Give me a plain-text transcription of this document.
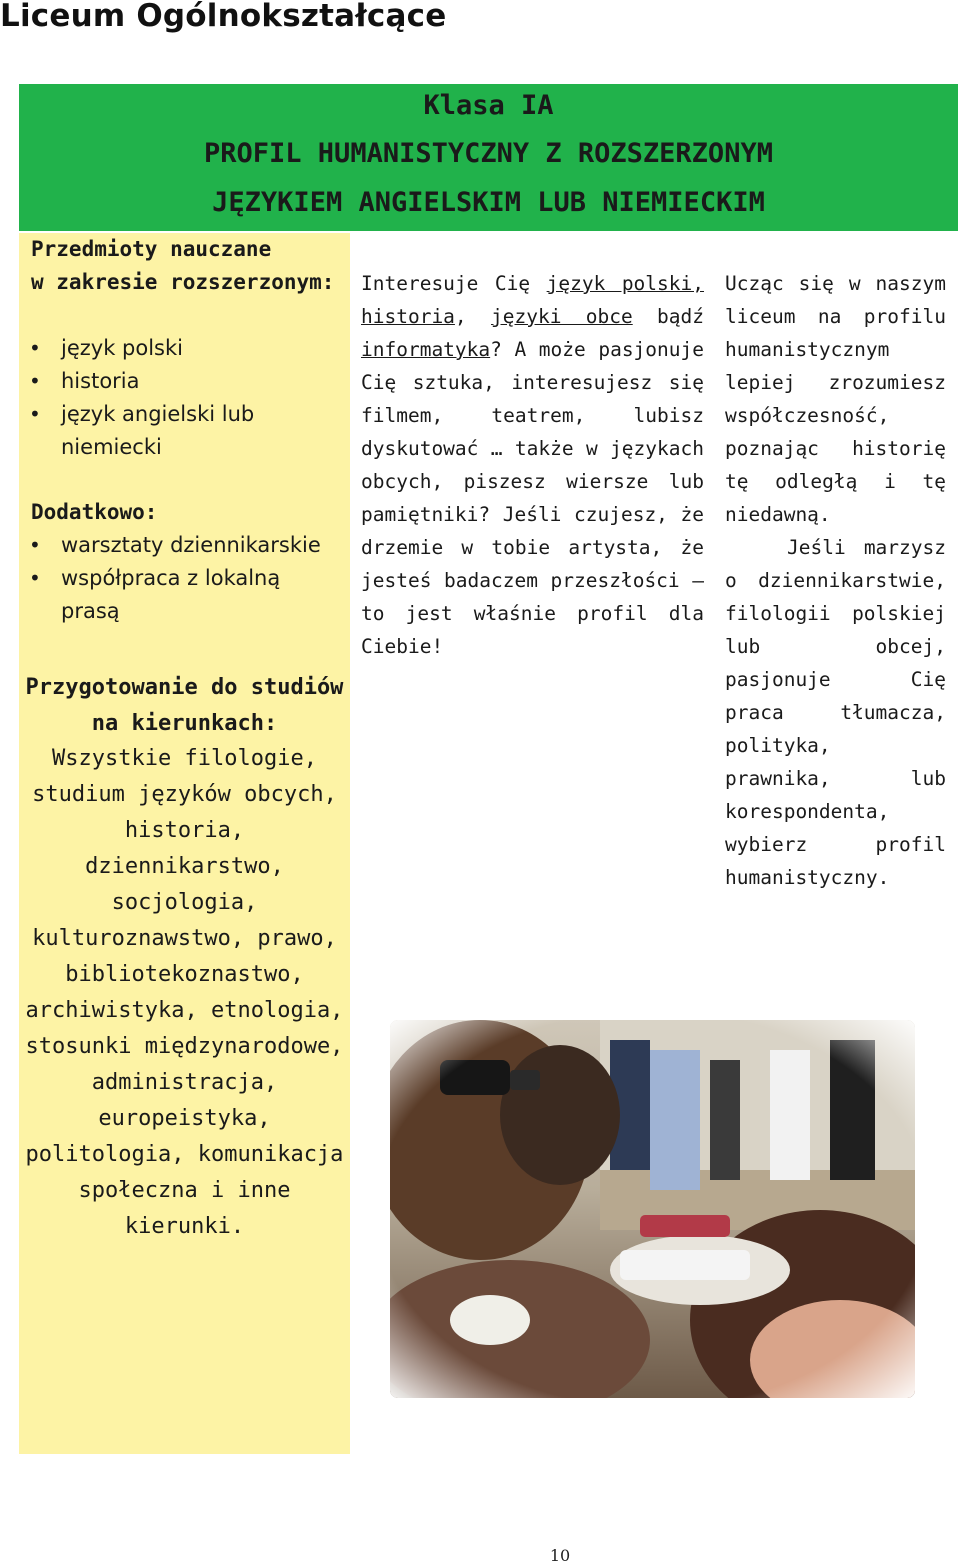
Liceum Ogólnokształcące
Klasa IA
PROFIL HUMANISTYCZNY Z ROZSZERZONYM
JĘZYKIEM ANGIELSKIM LUB NIEMIECKIM
Przedmioty nauczane
w zakresie rozszerzonym:
• język polski
• historia
• język angielski lub niemiecki
Dodatkowo:
• warsztaty dziennikarskie
• współpraca z lokalną prasą
Przygotowanie do studiów na kierunkach:
Wszystkie filologie, studium języków obcych, historia, dziennikarstwo, socjologia, kulturoznawstwo, prawo, bibliotekoznastwo, archiwistyka, etnologia, stosunki międzynarodowe, administracja, europeistyka, politologia, komunikacja społeczna i inne kierunki.
Interesuje Cię język polski, historia, języki obce bądź informatyka? A może pasjonuje Cię sztuka, interesujesz się filmem, teatrem, lubisz dyskutować … także w językach obcych, piszesz wiersze lub pamiętniki? Jeśli czujesz, że drzemie w tobie artysta, że jesteś badaczem przeszłości – to jest właśnie profil dla Ciebie!
Ucząc się w naszym liceum na profilu humanistycznym lepiej zrozumiesz współczesność, poznając historię tę odległą i tę niedawną.
Jeśli marzysz o dziennikarstwie, filologii polskiej lub obcej, pasjonuje Cię praca tłumacza, polityka, prawnika, lub korespondenta, wybierz profil humanistyczny.
10
